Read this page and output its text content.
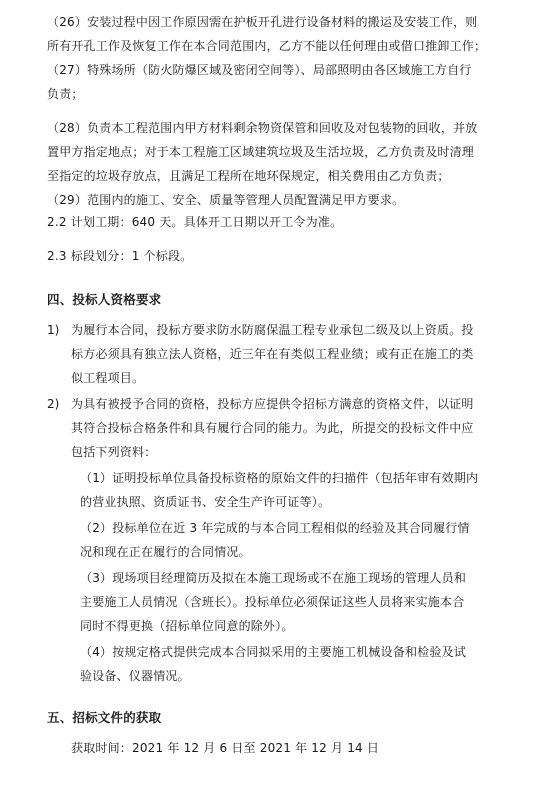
（26）安装过程中因工作原因需在护板开孔进行设备材料的搬运及安装工作，则
所有开孔工作及恢复工作在本合同范围内，乙方不能以任何理由或借口推卸工作；
（27）特殊场所（防火防爆区域及密闭空间等）、局部照明由各区域施工方自行
负责；
（28）负责本工程范围内甲方材料剩余物资保管和回收及对包装物的回收，并放
置甲方指定地点；对于本工程施工区域建筑垃圾及生活垃圾，乙方负责及时清理
至指定的垃圾存放点，且满足工程所在地环保规定，相关费用由乙方负责；
（29）范围内的施工、安全、质量等管理人员配置满足甲方要求。
2.2 计划工期：640 天。具体开工日期以开工令为准。
2.3 标段划分：1 个标段。
四、投标人资格要求
1) 为履行本合同，投标方要求防水防腐保温工程专业承包二级及以上资质。投
标方必须具有独立法人资格，近三年在有类似工程业绩；或有正在施工的类
似工程项目。
2) 为具有被授予合同的资格，投标方应提供令招标方满意的资格文件，以证明
其符合投标合格条件和具有履行合同的能力。为此，所提交的投标文件中应
包括下列资料：
（1）证明投标单位具备投标资格的原始文件的扫描件（包括年审有效期内
的营业执照、资质证书、安全生产许可证等）。
（2）投标单位在近 3 年完成的与本合同工程相似的经验及其合同履行情
况和现在正在履行的合同情况。
（3）现场项目经理简历及拟在本施工现场或不在施工现场的管理人员和
主要施工人员情况（含班长）。投标单位必须保证这些人员将来实施本合
同时不得更换（招标单位同意的除外）。
（4）按规定格式提供完成本合同拟采用的主要施工机械设备和检验及试
验设备、仪器情况。
五、招标文件的获取
获取时间：2021 年 12 月 6 日至 2021 年 12 月 14 日
